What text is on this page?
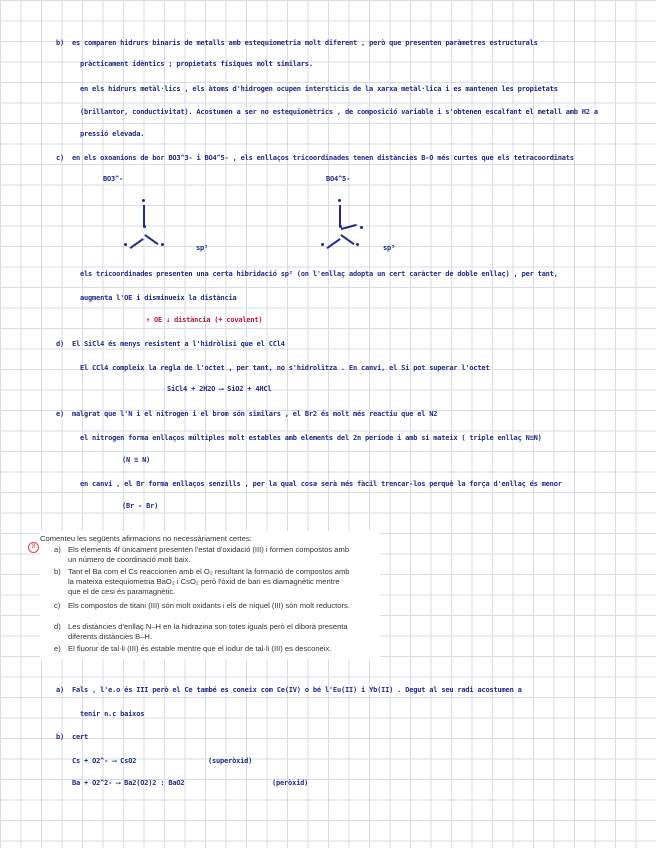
b) es comparen hidrurs binaris de metalls amb estequiometria molt diferent , però que presenten paràmetres estructurals
pràcticament idèntics ; propietats físiques molt similars.
en els hidrurs metàl·lics , els àtoms d'hidrogen ocupen intersticis de la xarxa metàl·lica i es mantenen les propietats
(brillantor, conductivitat). Acostumen a ser no estequiomètrics , de composició variable i s'obtenen escalfant el metall amb H2 a
pressió elevada.
c) en els oxoanions de bor BO3^3- i BO4^5- , els enllaços tricoordinades tenen distàncies B-O més curtes que els tetracoordinats
BO3^-	BO4^5-
sp²	sp³
els tricoordinades presenten una certa hibridació sp² (on l'enllaç adopta un cert caràcter de doble enllaç) , per tant,
augmenta l'OE i disminueix la distància
↑ OE ↓ distància (+ covalent)
d) El SiCl4 és menys resistent a l'hidròlisi que el CCl4
El CCl4 compleix la regla de l'octet , per tant, no s'hidrolitza . En canvi, el Si pot superar l'octet
SiCl4 + 2H2O ⟶ SiO2 + 4HCl
e) malgrat que l'N i el nitrogen i el brom són similars , el Br2 és molt més reactiu que el N2
el nitrogen forma enllaços múltiples molt estables amb elements del 2n període i amb si mateix ( triple enllaç N≡N)
(N ≡ N)
en canvi , el Br forma enllaços senzills , per la qual cosa serà més fàcil trencar-los perquè la força d'enllaç és menor
(Br - Br)
8
Comenteu les següents afirmacions no necessàriament certes:
a) Els elements 4f únicament presenten l'estat d'oxidació (III) i formen compostos amb
un número de coordinació molt baix.
b) Tant el Ba com el Cs reaccionen amb el O₂ resultant la formació de compostos amb
la mateixa estequiometria BaO₂ i CsO₂ però l'òxid de bari es diamagnètic mentre
que el de cesi és paramagnètic.
c) Els compostos de titani (III) són molt oxidants i els de níquel (III) són molt reductors.
d) Les distàncies d'enllaç N–H en la hidrazina son totes iguals però el diborà presenta
diferents distàncies B–H.
e) El fluorur de tal·li (III) és estable mentre que el iodur de tal·li (III) es desconeix.
a) Fals , l'e.o és III però el Ce també es coneix com Ce(IV) o bé l'Eu(II) i Yb(II) . Degut al seu radi acostumen a
tenir n.c baixos
b) cert
Cs + O2^- ⟶ CsO2	(superòxid)
Ba + O2^2- ⟶ Ba2(O2)2 : BaO2	(peròxid)
